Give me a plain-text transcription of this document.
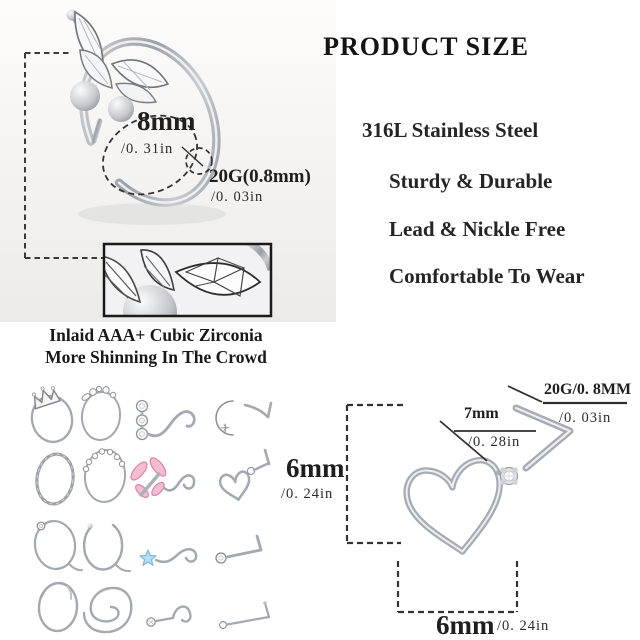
8mm
/0. 31in
20G(0.8mm)
/0. 03in
PRODUCT SIZE
316L Stainless Steel
Sturdy & Durable
Lead & Nickle Free
Comfortable To Wear
Inlaid AAA+ Cubic Zirconia
More Shinning In The Crowd
6mm
/0. 24in
7mm
/0. 28in
20G/0. 8MM
/0. 03in
6mm /0. 24in
